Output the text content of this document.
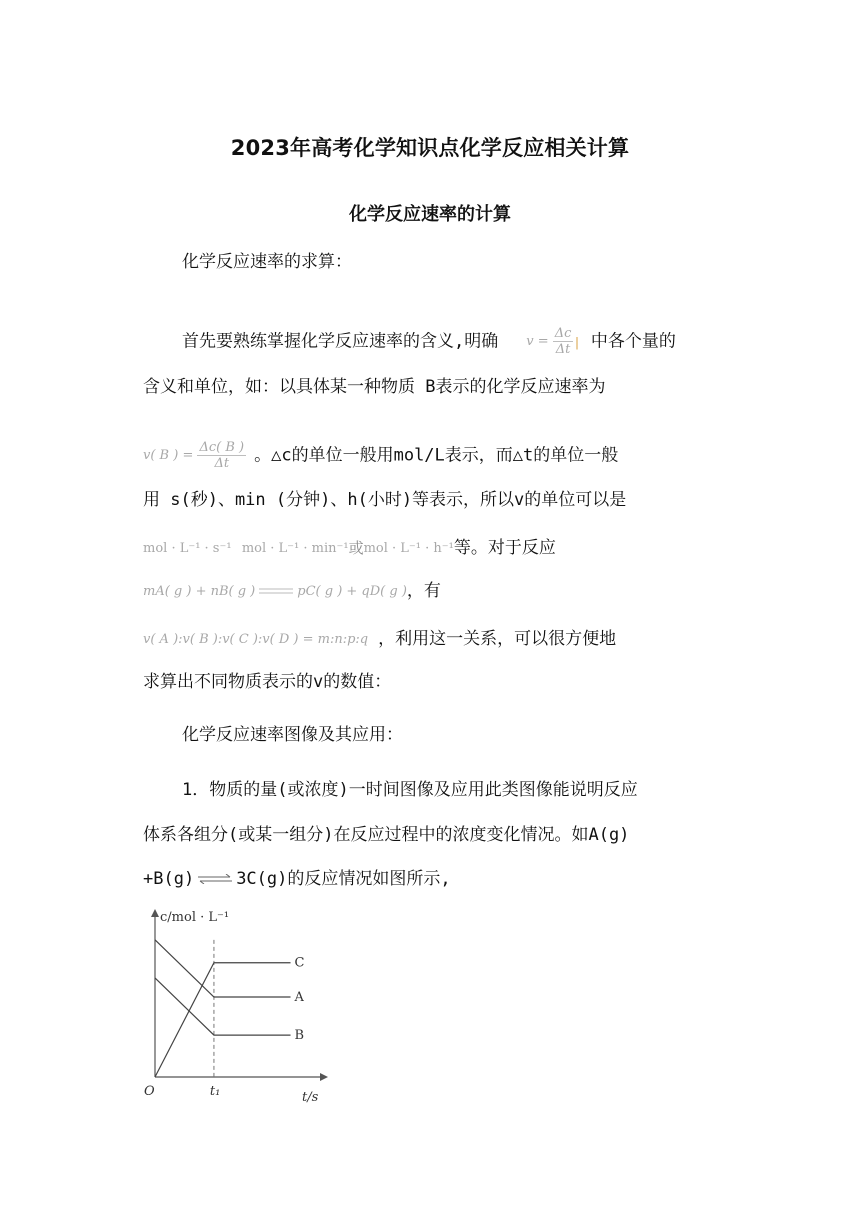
2023年高考化学知识点化学反应相关计算
化学反应速率的计算
化学反应速率的求算：
首先要熟练掌握化学反应速率的含义,明确 $v = \frac{\Delta c}{\Delta t}$ | 中各个量的
含义和单位，如：以具体某一种物质 B表示的化学反应速率为
v( B ) = $\frac{\Delta c( B )}{\Delta t}$ 。△c的单位一般用mol/L表示，而△t的单位一般
用 s(秒)、min (分钟)、h(小时)等表示，所以v的单位可以是
mol · L⁻¹ · s⁻¹ mol · L⁻¹ · min⁻¹或mol · L⁻¹ · h⁻¹等。对于反应
mA( g ) + nB( g )	pC( g ) + qD( g )，有
v( A ):v( B ):v( C ):v( D ) = m:n:p:q ，利用这一关系，可以很方便地
求算出不同物质表示的v的数值：
化学反应速率图像及其应用：
1．物质的量(或浓度)一时间图像及应用此类图像能说明反应
体系各组分(或某一组分)在反应过程中的浓度变化情况。如A(g)
+B(g) ⇌ 3C(g)的反应情况如图所示,
c/mol · L⁻¹
t/s
O	t₁
C
A
B
